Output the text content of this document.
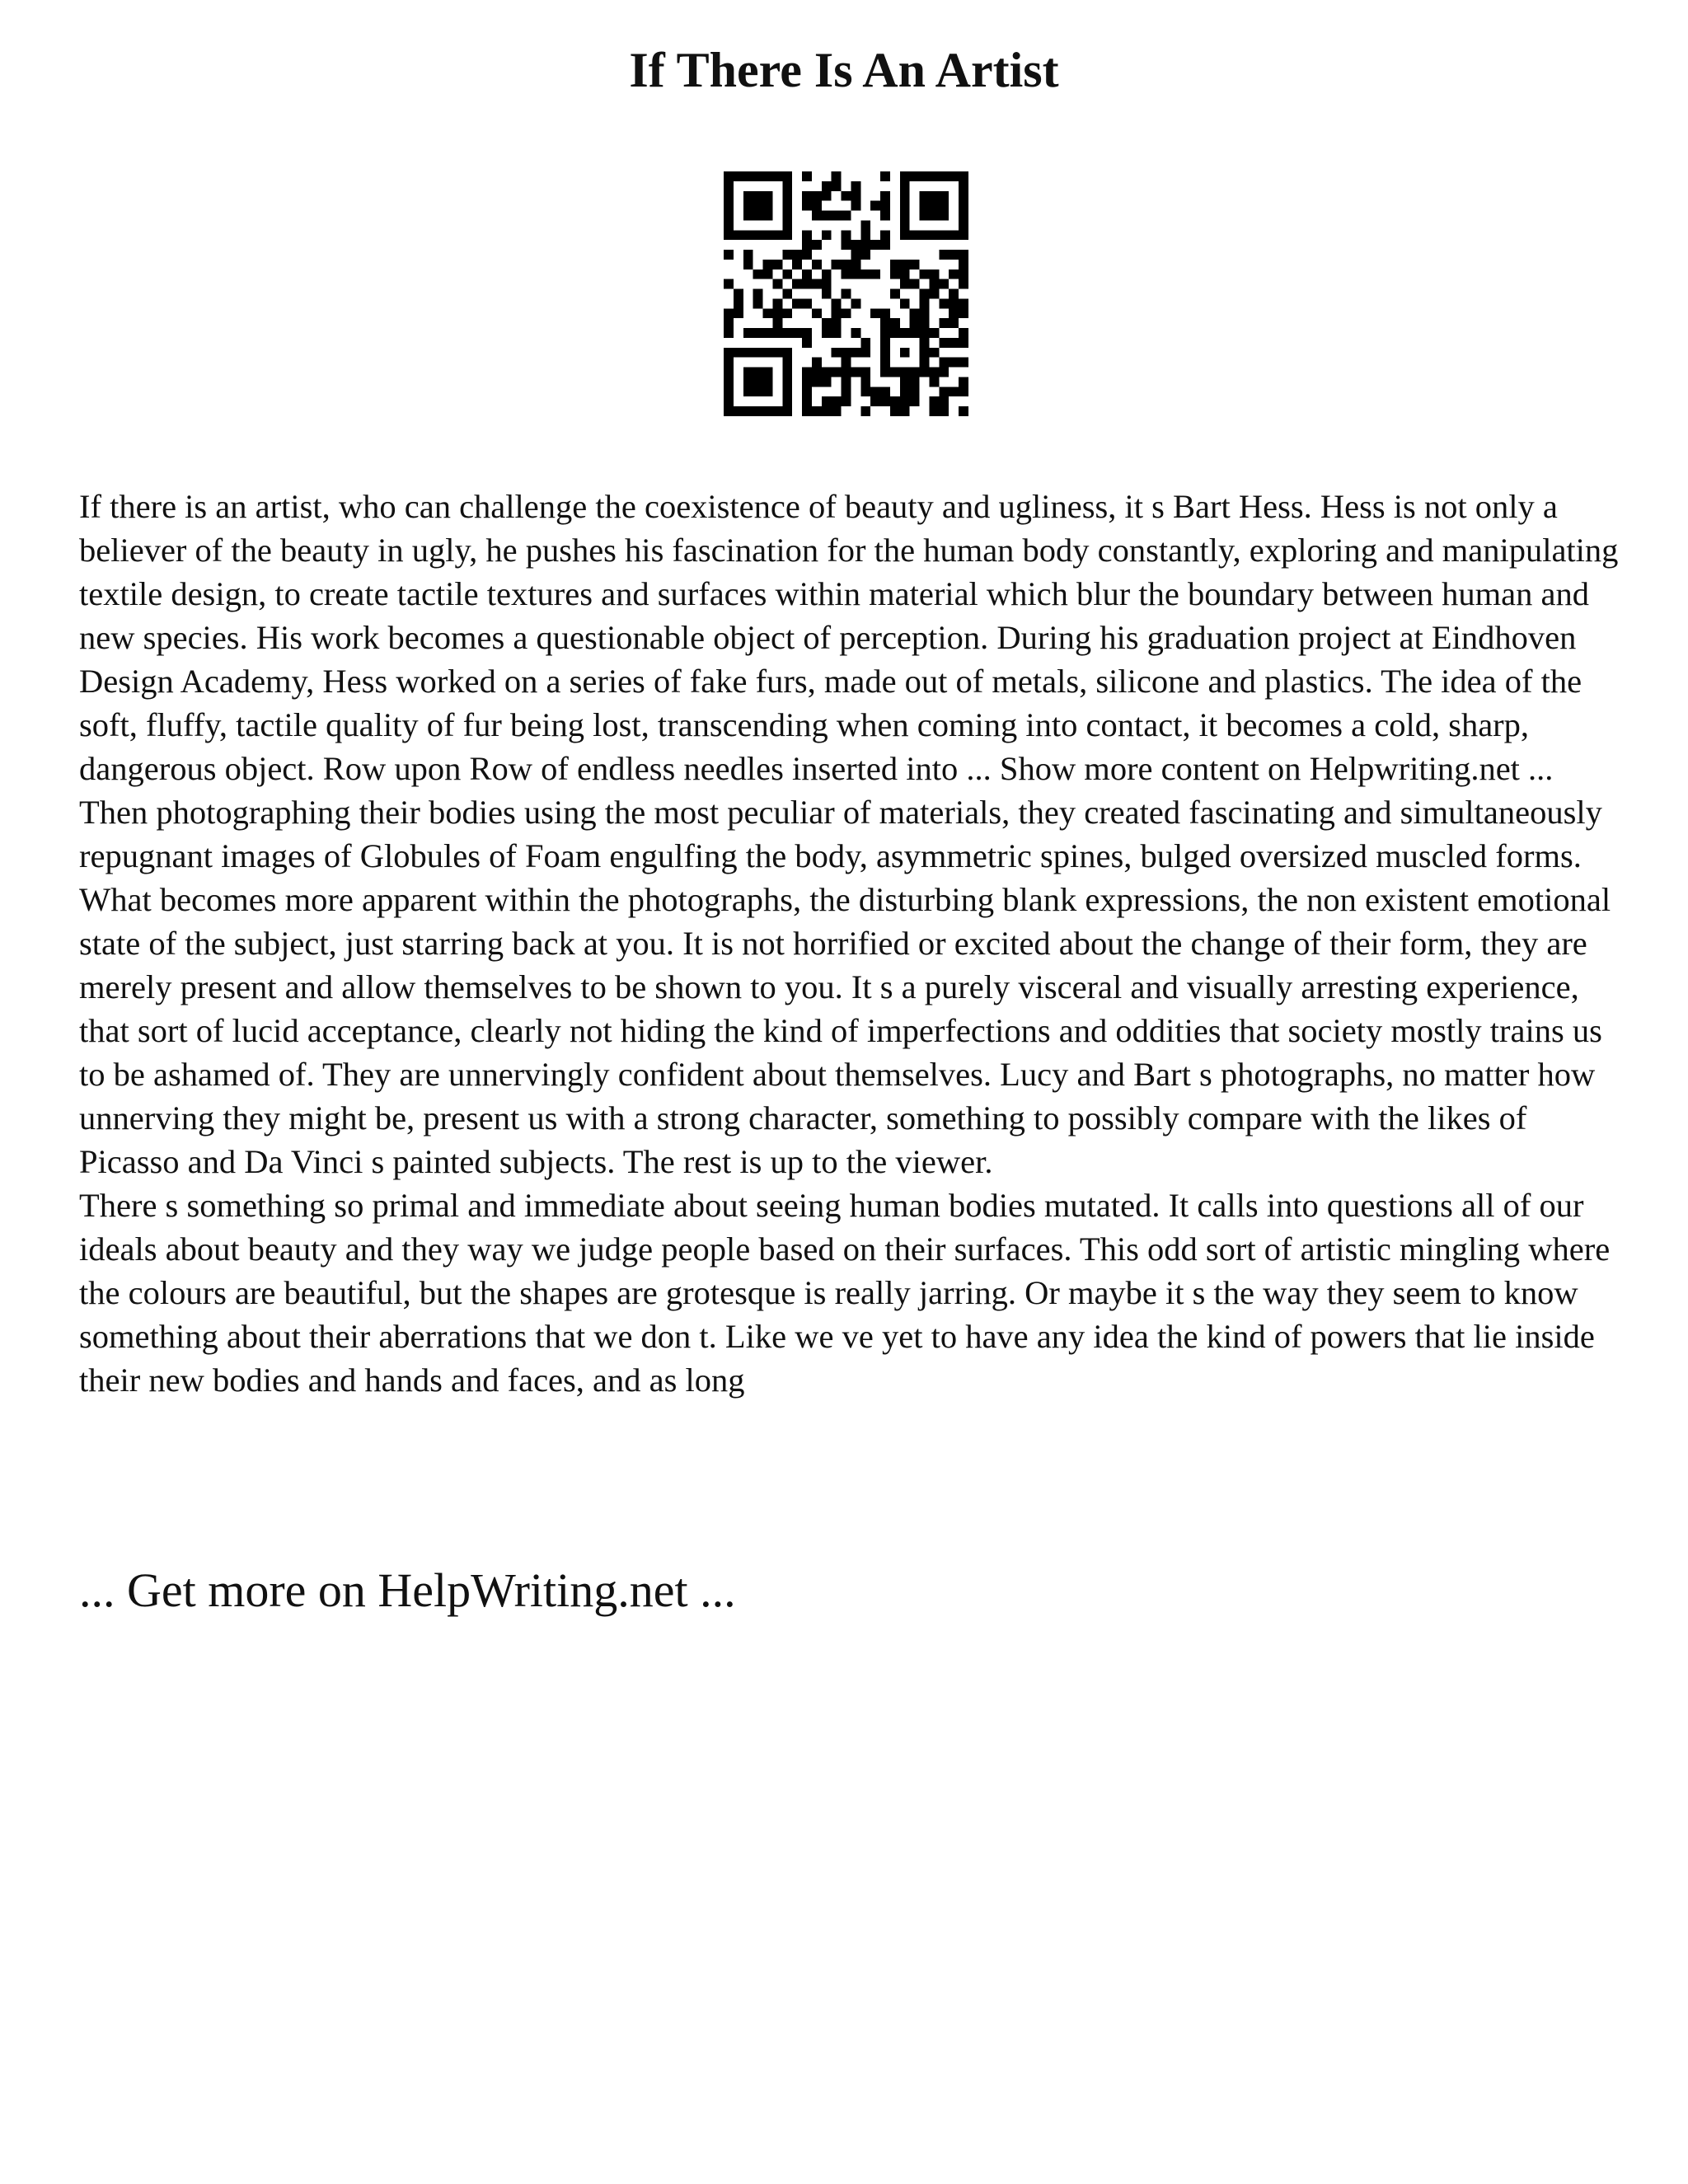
If There Is An Artist

If there is an artist, who can challenge the coexistence of beauty and ugliness, it s Bart Hess. Hess is not only a believer of the beauty in ugly, he pushes his fascination for the human body constantly, exploring and manipulating textile design, to create tactile textures and surfaces within material which blur the boundary between human and new species. His work becomes a questionable object of perception. During his graduation project at Eindhoven Design Academy, Hess worked on a series of fake furs, made out of metals, silicone and plastics. The idea of the soft, fluffy, tactile quality of fur being lost, transcending when coming into contact, it becomes a cold, sharp, dangerous object. Row upon Row of endless needles inserted into ... Show more content on Helpwriting.net ...

Then photographing their bodies using the most peculiar of materials, they created fascinating and simultaneously repugnant images of Globules of Foam engulfing the body, asymmetric spines, bulged oversized muscled forms. What becomes more apparent within the photographs, the disturbing blank expressions, the non existent emotional state of the subject, just starring back at you. It is not horrified or excited about the change of their form, they are merely present and allow themselves to be shown to you. It s a purely visceral and visually arresting experience, that sort of lucid acceptance, clearly not hiding the kind of imperfections and oddities that society mostly trains us to be ashamed of. They are unnervingly confident about themselves. Lucy and Bart s photographs, no matter how unnerving they might be, present us with a strong character, something to possibly compare with the likes of Picasso and Da Vinci s painted subjects. The rest is up to the viewer.

There s something so primal and immediate about seeing human bodies mutated. It calls into questions all of our ideals about beauty and they way we judge people based on their surfaces. This odd sort of artistic mingling where the colours are beautiful, but the shapes are grotesque is really jarring. Or maybe it s the way they seem to know something about their aberrations that we don t. Like we ve yet to have any idea the kind of powers that lie inside their new bodies and hands and faces, and as long

... Get more on HelpWriting.net ...
